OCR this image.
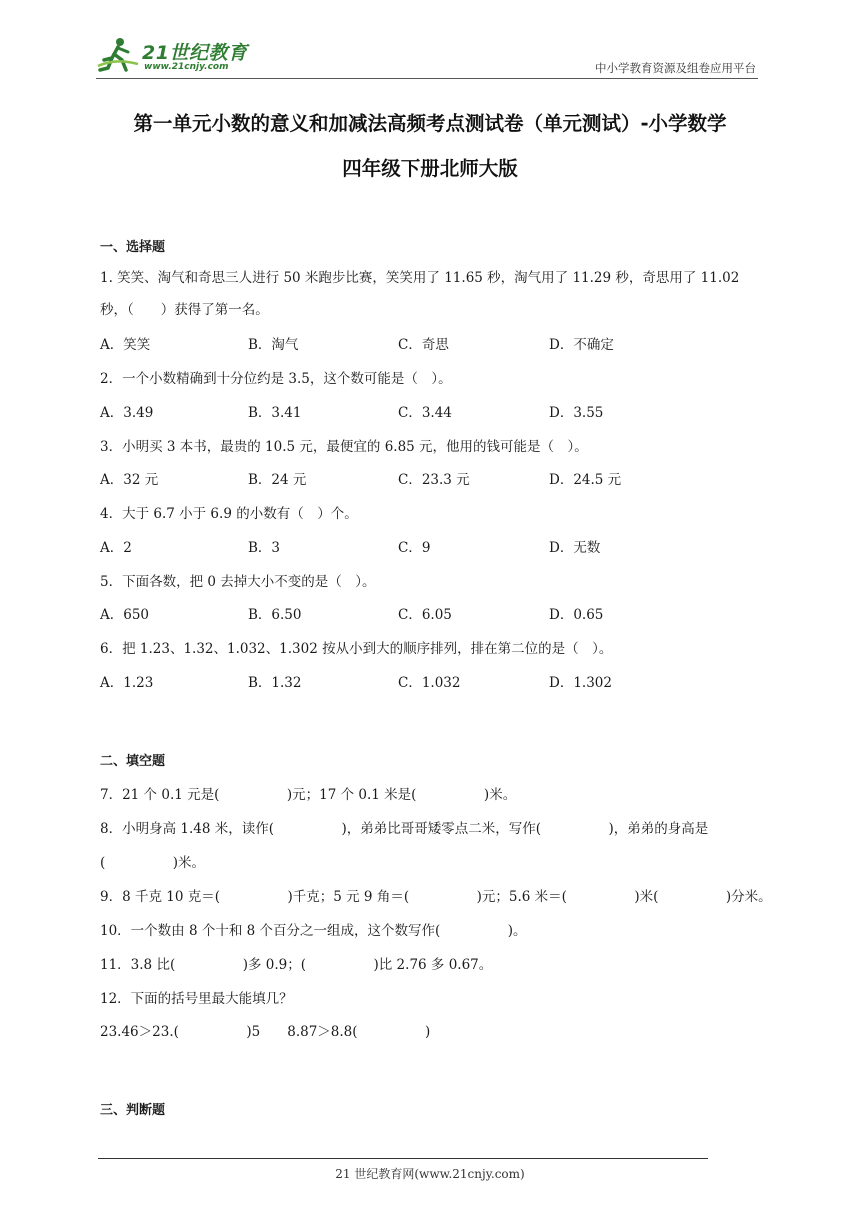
21世纪教育
www.21cnjy.com	中小学教育资源及组卷应用平台
第一单元小数的意义和加减法高频考点测试卷（单元测试）-小学数学
四年级下册北师大版
一、选择题
1. 笑笑、淘气和奇思三人进行 50 米跑步比赛，笑笑用了 11.65 秒，淘气用了 11.29 秒，奇思用了 11.02
秒，（　　）获得了第一名。
A．笑笑	B．淘气	C．奇思	D．不确定
2．一个小数精确到十分位约是 3.5，这个数可能是（　）。
A．3.49	B．3.41	C．3.44	D．3.55
3．小明买 3 本书，最贵的 10.5 元，最便宜的 6.85 元，他用的钱可能是（　）。
A．32 元	B．24 元	C．23.3 元	D．24.5 元
4．大于 6.7 小于 6.9 的小数有（　）个。
A．2	B．3	C．9	D．无数
5．下面各数，把 0 去掉大小不变的是（　）。
A．650	B．6.50	C．6.05	D．0.65
6．把 1.23、1.32、1.032、1.302 按从小到大的顺序排列，排在第二位的是（　）。
A．1.23	B．1.32	C．1.032	D．1.302
二、填空题
7．21 个 0.1 元是(　　　　　)元；17 个 0.1 米是(　　　　　)米。
8．小明身高 1.48 米，读作(　　　　　)，弟弟比哥哥矮零点二米，写作(　　　　　)，弟弟的身高是
(　　　　　)米。
9．8 千克 10 克＝(　　　　　)千克；5 元 9 角＝(　　　　　)元；5.6 米＝(　　　　　)米(　　　　　)分米。
10．一个数由 8 个十和 8 个百分之一组成，这个数写作(　　　　　)。
11．3.8 比(　　　　　)多 0.9；(　　　　　)比 2.76 多 0.67。
12．下面的括号里最大能填几？
23.46＞23.(　　　　　)5　　8.87＞8.8(　　　　　)
三、判断题
21 世纪教育网(www.21cnjy.com)
